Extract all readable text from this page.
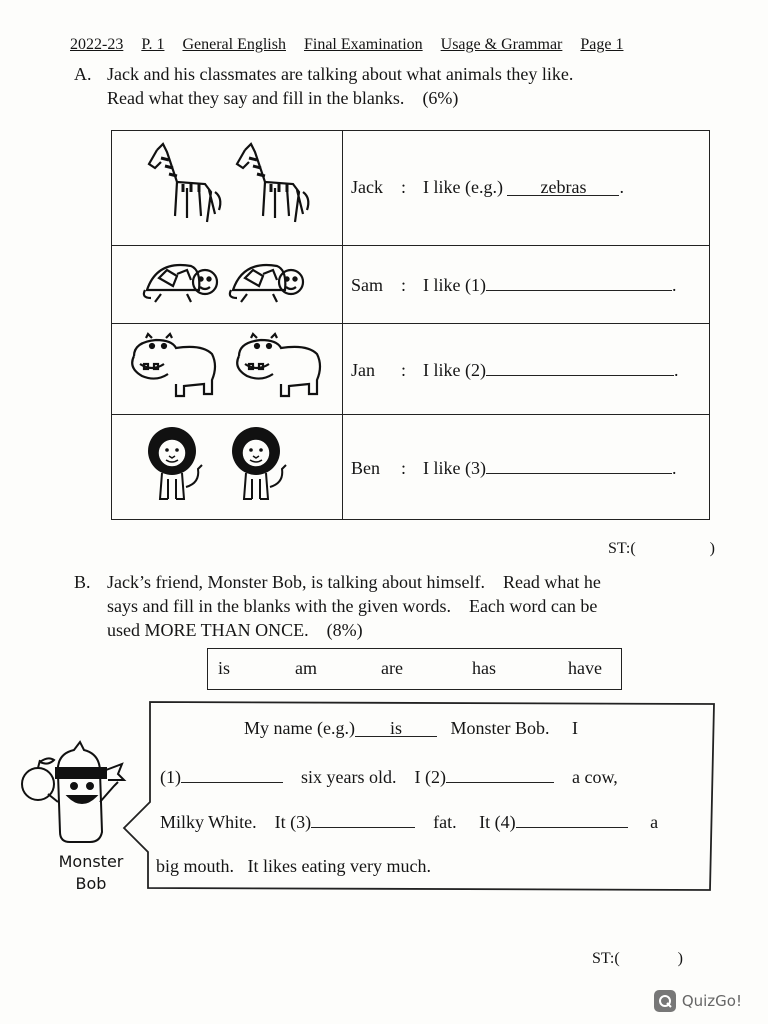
2022-23 P. 1 General English Final Examination Usage & Grammar Page 1
A. Jack and his classmates are talking about what animals they like.
Read what they say and fill in the blanks. (6%)
	Jack : I like (e.g.) zebras .
	Sam : I like (1) .
	Jan : I like (2) .
	Ben : I like (3) .
ST:(	)
B. Jack’s friend, Monster Bob, is talking about himself.    Read what he
says and fill in the blanks with the given words.    Each word can be
used MORE THAN ONCE. (8%)
is	am	are	has	have
My name (e.g.) is	Monster Bob. I
(1)	six years old. I (2)	a cow,
Milky White. It (3)	fat. It (4)	a
big mouth.   It likes eating very much.
Monster
Bob
ST:(	)
QuizGo!
